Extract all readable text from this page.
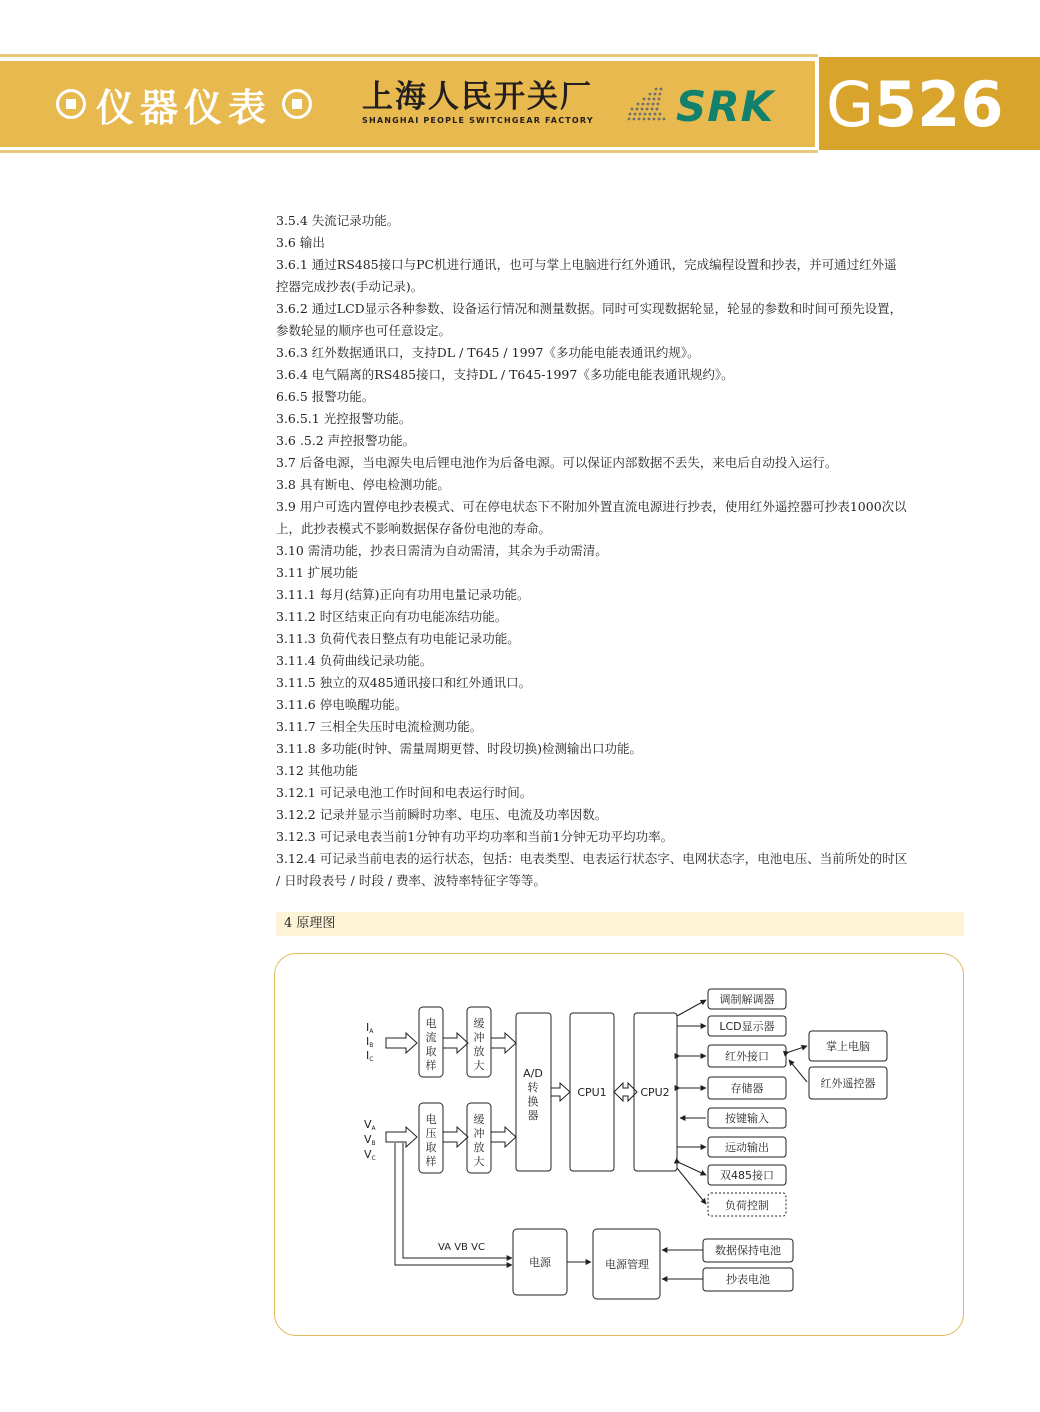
仪器仪表	上海人民开关厂
SHANGHAI PEOPLE SWITCHGEAR FACTORY SRK G526

3.5.4 失流记录功能。

3.6 输出

3.6.1 通过RS485接口与PC机进行通讯，也可与掌上电脑进行红外通讯，完成编程设置和抄表，并可通过红外遥

控器完成抄表(手动记录)。

3.6.2 通过LCD显示各种参数、设备运行情况和测量数据。同时可实现数据轮显，轮显的参数和时间可预先设置，

参数轮显的顺序也可任意设定。

3.6.3 红外数据通讯口，支持DL / T645 / 1997《多功能电能表通讯约规》。

3.6.4 电气隔离的RS485接口，支持DL / T645-1997《多功能电能表通讯规约》。

6.6.5 报警功能。

3.6.5.1 光控报警功能。

3.6 .5.2 声控报警功能。

3.7 后备电源，当电源失电后锂电池作为后备电源。可以保证内部数据不丢失，来电后自动投入运行。

3.8 具有断电、停电检测功能。

3.9 用户可选内置停电抄表模式、可在停电状态下不附加外置直流电源进行抄表，使用红外遥控器可抄表1000次以

上，此抄表模式不影响数据保存备份电池的寿命。

3.10 需清功能，抄表日需清为自动需清，其余为手动需清。

3.11 扩展功能

3.11.1 每月(结算)正向有功用电量记录功能。

3.11.2 时区结束正向有功电能冻结功能。

3.11.3 负荷代表日整点有功电能记录功能。

3.11.4 负荷曲线记录功能。

3.11.5 独立的双485通讯接口和红外通讯口。

3.11.6 停电唤醒功能。

3.11.7 三相全失压时电流检测功能。

3.11.8 多功能(时钟、需量周期更替、时段切换)检测输出口功能。

3.12 其他功能

3.12.1 可记录电池工作时间和电表运行时间。

3.12.2 记录并显示当前瞬时功率、电压、电流及功率因数。

3.12.3 可记录电表当前1分钟有功平均功率和当前1分钟无功平均功率。

3.12.4 可记录当前电表的运行状态，包括：电表类型、电表运行状态字、电网状态字，电池电压、当前所处的时区

/ 日时段表号 / 时段 / 费率、波特率特征字等等。

4 原理图
IA
IB
IC
VA
VB
VC
电
流
取
样
缓
冲
放
大
电
压
取
样
缓
冲
放
大
A/D
转
换
器
CPU1	CPU2
调制解调器
LCD显示器
红外接口
存储器
按键输入
远动输出
双485接口
负荷控制
掌上电脑
红外遥控器
电源	电源管理
数据保持电池
抄表电池
VA VB VC
